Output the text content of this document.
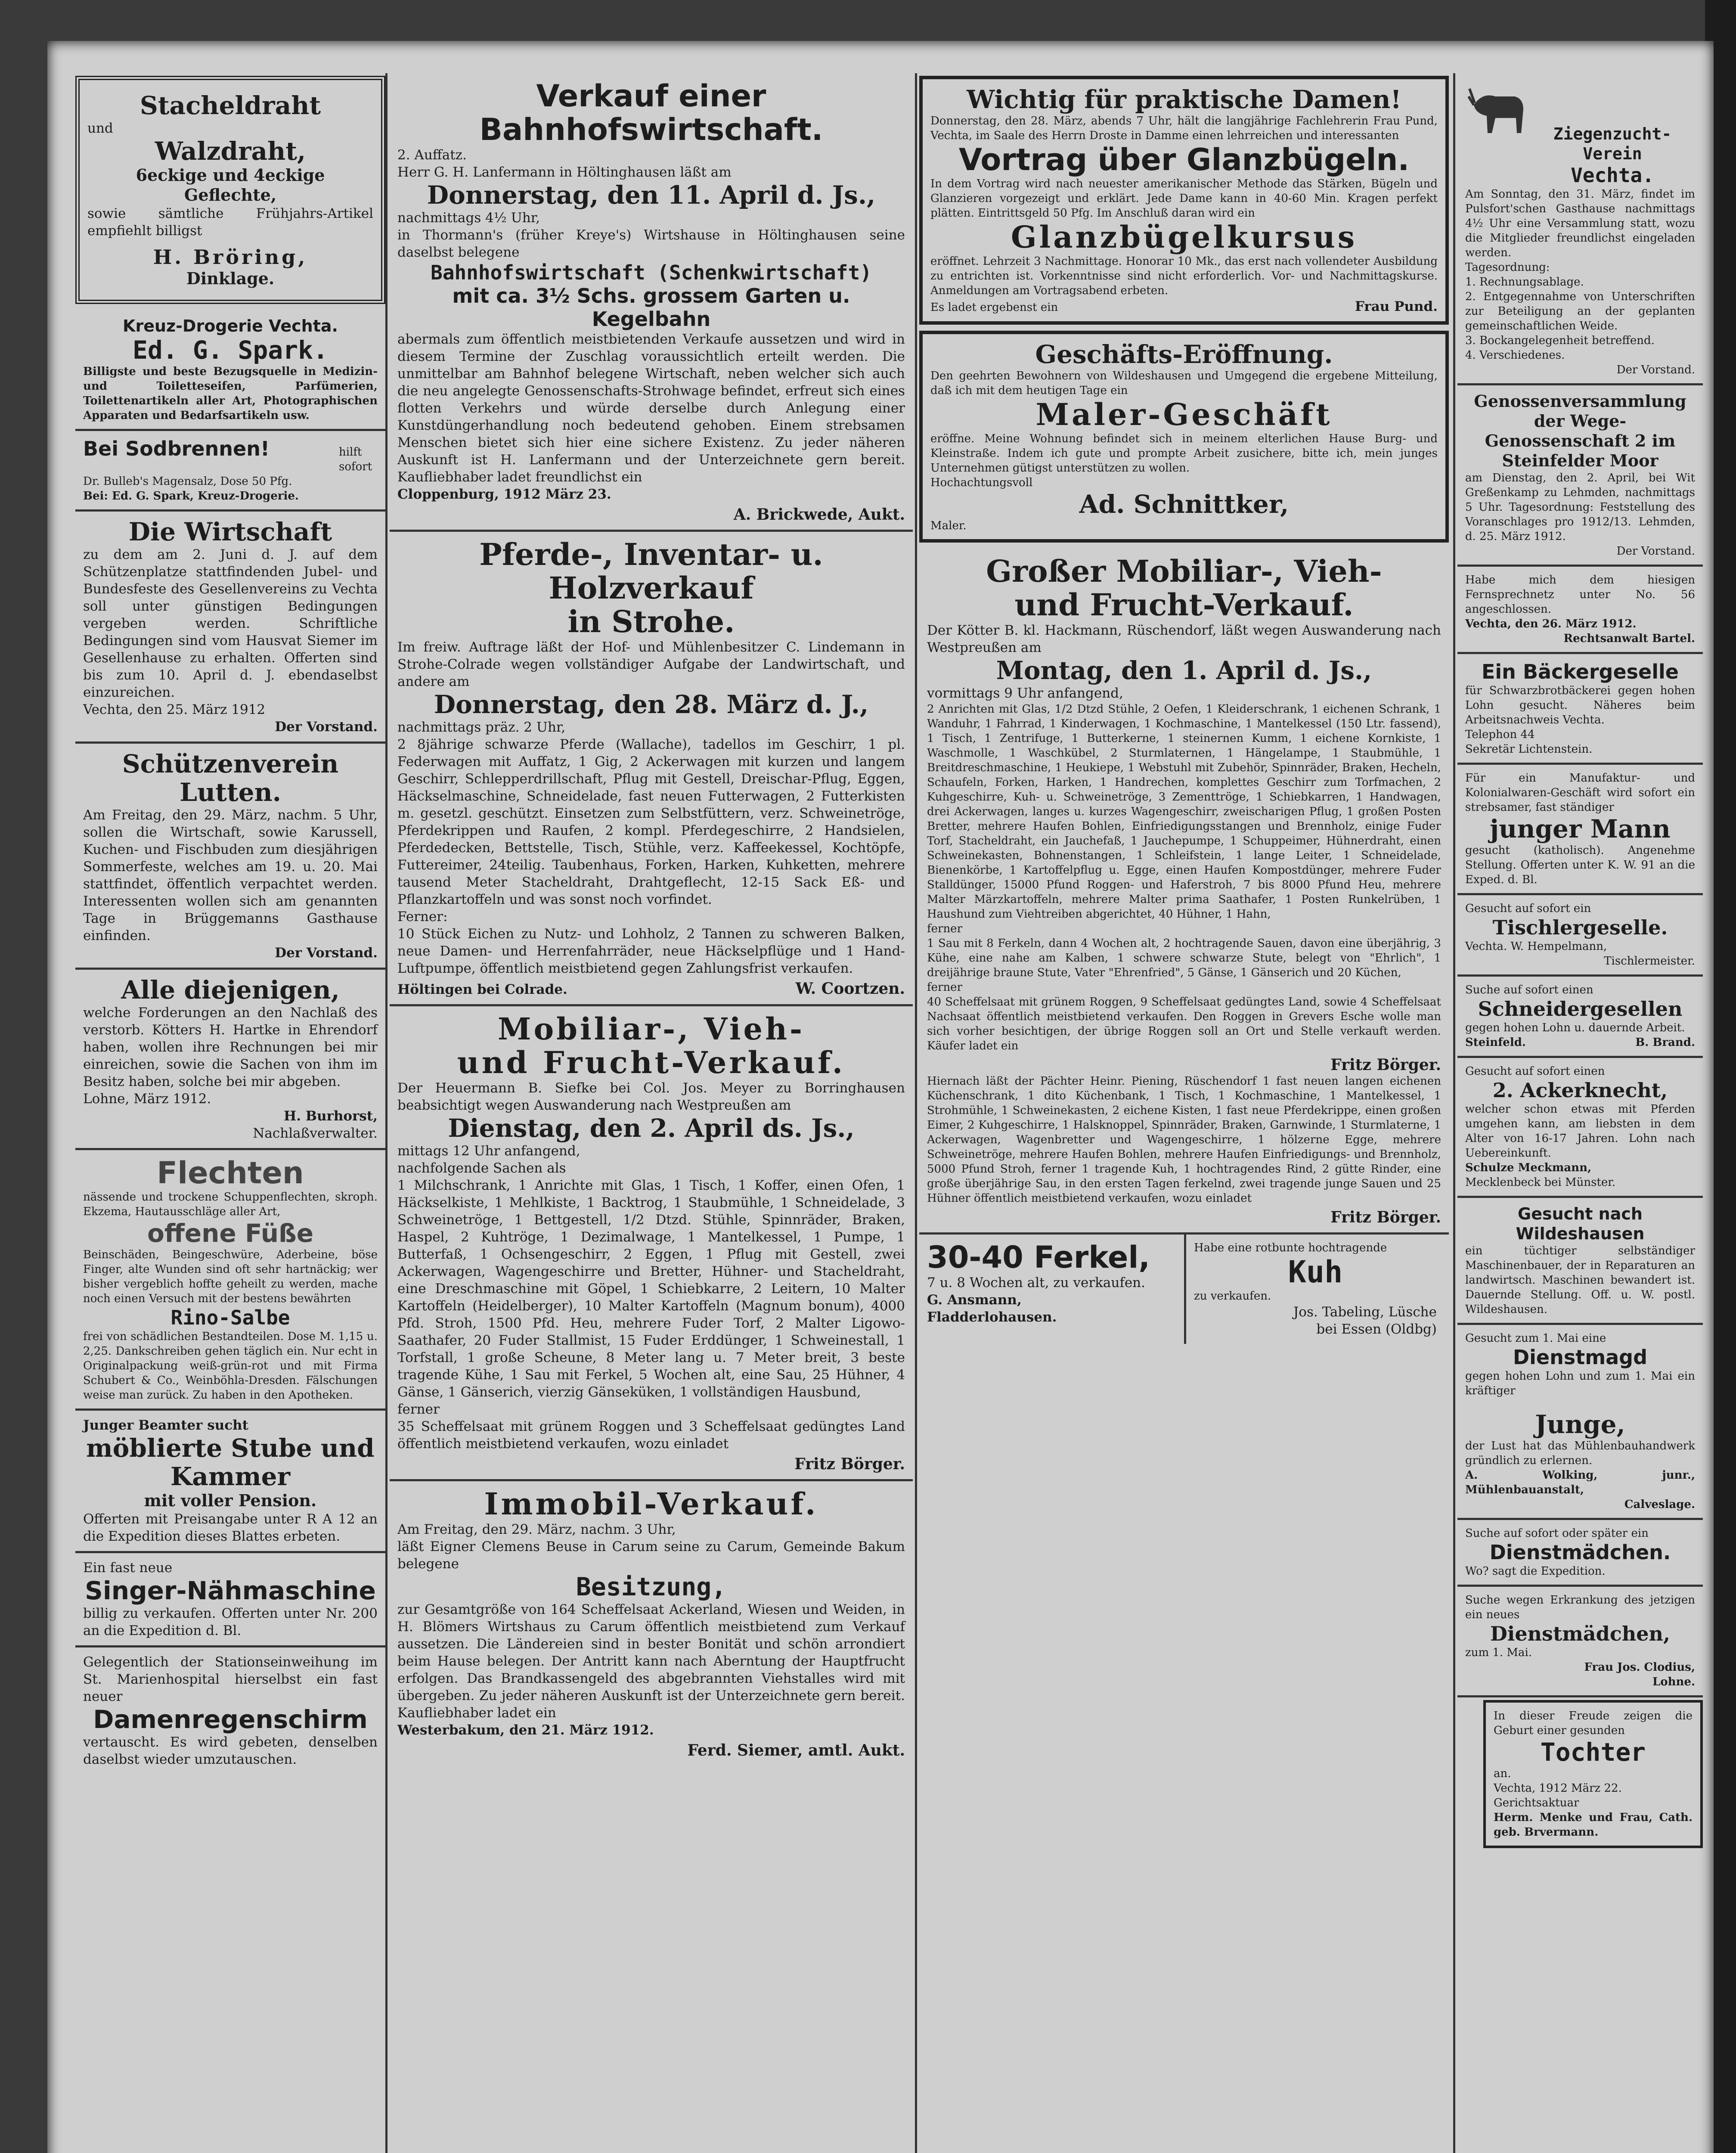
Stacheldraht
und
Walzdraht,
6eckige und 4eckige Geflechte,
sowie sämtliche Frühjahrs-Artikel empfiehlt billigst
H. Bröring,
Dinklage.
Kreuz-Drogerie Vechta.
Ed. G. Spark.
Billigste und beste Bezugsquelle in Medizin- und Toiletteseifen, Parfümerien, Toilettenartikeln aller Art, Photographischen Apparaten und Bedarfsartikeln usw.
Bei Sodbrennen!	hilft sofort
Dr. Bulleb's Magensalz, Dose 50 Pfg.
Bei: Ed. G. Spark, Kreuz-Drogerie.
Die Wirtschaft
zu dem am 2. Juni d. J. auf dem Schützenplatze stattfindenden Jubel- und Bundesfeste des Gesellenvereins zu Vechta soll unter günstigen Bedingungen vergeben werden. Schriftliche Bedingungen sind vom Hausvat Siemer im Gesellenhause zu erhalten. Offerten sind bis zum 10. April d. J. ebendaselbst einzureichen.
Vechta, den 25. März 1912
Der Vorstand.
Schützenverein
Lutten.
Am Freitag, den 29. März, nachm. 5 Uhr, sollen die Wirtschaft, sowie Karussell, Kuchen- und Fischbuden zum diesjährigen Sommerfeste, welches am 19. u. 20. Mai stattfindet, öffentlich verpachtet werden. Interessenten wollen sich am genannten Tage in Brüggemanns Gasthause einfinden.
Der Vorstand.
Alle diejenigen,
welche Forderungen an den Nachlaß des verstorb. Kötters H. Hartke in Ehrendorf haben, wollen ihre Rechnungen bei mir einreichen, sowie die Sachen von ihm im Besitz haben, solche bei mir abgeben.
Lohne, März 1912.
H. Burhorst,
Nachlaßverwalter.
Flechten
nässende und trockene Schuppenflechten, skroph. Ekzema, Hautausschläge aller Art,
offene Füße
Beinschäden, Beingeschwüre, Aderbeine, böse Finger, alte Wunden sind oft sehr hartnäckig; wer bisher vergeblich hoffte geheilt zu werden, mache noch einen Versuch mit der bestens bewährten
Rino-Salbe
frei von schädlichen Bestandteilen. Dose M. 1,15 u. 2,25. Dankschreiben gehen täglich ein. Nur echt in Originalpackung weiß-grün-rot und mit Firma Schubert & Co., Weinböhla-Dresden. Fälschungen weise man zurück. Zu haben in den Apotheken.
Junger Beamter sucht
möblierte Stube und Kammer
mit voller Pension.
Offerten mit Preisangabe unter R A 12 an die Expedition dieses Blattes erbeten.
Ein fast neue
Singer-Nähmaschine
billig zu verkaufen. Offerten unter Nr. 200 an die Expedition d. Bl.
Gelegentlich der Stationseinweihung im St. Marienhospital hierselbst ein fast neuer
Damenregenschirm
vertauscht. Es wird gebeten, denselben daselbst wieder umzutauschen.
Verkauf einer Bahnhofswirtschaft.
2. Auffatz.
Herr G. H. Lanfermann in Höltinghausen läßt am
Donnerstag, den 11. April d. Js.,
nachmittags 4½ Uhr,
in Thormann's (früher Kreye's) Wirtshause in Höltinghausen seine daselbst belegene
Bahnhofswirtschaft (Schenkwirtschaft)
mit ca. 3½ Schs. grossem Garten u. Kegelbahn
abermals zum öffentlich meistbietenden Verkaufe aussetzen und wird in diesem Termine der Zuschlag voraussichtlich erteilt werden. Die unmittelbar am Bahnhof belegene Wirtschaft, neben welcher sich auch die neu angelegte Genossenschafts-Strohwage befindet, erfreut sich eines flotten Verkehrs und würde derselbe durch Anlegung einer Kunstdüngerhandlung noch bedeutend gehoben. Einem strebsamen Menschen bietet sich hier eine sichere Existenz. Zu jeder näheren Auskunft ist H. Lanfermann und der Unterzeichnete gern bereit. Kaufliebhaber ladet freundlichst ein
Cloppenburg, 1912 März 23.
A. Brickwede, Aukt.
Pferde-, Inventar- u. Holzverkauf
in Strohe.
Im freiw. Auftrage läßt der Hof- und Mühlenbesitzer C. Lindemann in Strohe-Colrade wegen vollständiger Aufgabe der Landwirtschaft, und andere am
Donnerstag, den 28. März d. J.,
nachmittags präz. 2 Uhr,
2 8jährige schwarze Pferde (Wallache), tadellos im Geschirr, 1 pl. Federwagen mit Auffatz, 1 Gig, 2 Ackerwagen mit kurzen und langem Geschirr, Schlepperdrillschaft, Pflug mit Gestell, Dreischar-Pflug, Eggen, Häckselmaschine, Schneidelade, fast neuen Futterwagen, 2 Futterkisten m. gesetzl. geschützt. Einsetzen zum Selbstfüttern, verz. Schweinetröge, Pferdekrippen und Raufen, 2 kompl. Pferdegeschirre, 2 Handsielen, Pferdedecken, Bettstelle, Tisch, Stühle, verz. Kaffeekessel, Kochtöpfe, Futtereimer, 24teilig. Taubenhaus, Forken, Harken, Kuhketten, mehrere tausend Meter Stacheldraht, Drahtgeflecht, 12-15 Sack Eß- und Pflanzkartoffeln und was sonst noch vorfindet.
Ferner:
10 Stück Eichen zu Nutz- und Lohholz, 2 Tannen zu schweren Balken, neue Damen- und Herrenfahrräder, neue Häckselpflüge und 1 Hand-Luftpumpe, öffentlich meistbietend gegen Zahlungsfrist verkaufen.
Höltingen bei Colrade.	W. Coortzen.
Mobiliar-, Vieh-
und Frucht-Verkauf.
Der Heuermann B. Siefke bei Col. Jos. Meyer zu Borringhausen beabsichtigt wegen Auswanderung nach Westpreußen am
Dienstag, den 2. April ds. Js.,
mittags 12 Uhr anfangend,
nachfolgende Sachen als
1 Milchschrank, 1 Anrichte mit Glas, 1 Tisch, 1 Koffer, einen Ofen, 1 Häckselkiste, 1 Mehlkiste, 1 Backtrog, 1 Staubmühle, 1 Schneidelade, 3 Schweinetröge, 1 Bettgestell, 1/2 Dtzd. Stühle, Spinnräder, Braken, Haspel, 2 Kuhtröge, 1 Dezimalwage, 1 Mantelkessel, 1 Pumpe, 1 Butterfaß, 1 Ochsengeschirr, 2 Eggen, 1 Pflug mit Gestell, zwei Ackerwagen, Wagengeschirre und Bretter, Hühner- und Stacheldraht, eine Dreschmaschine mit Göpel, 1 Schiebkarre, 2 Leitern, 10 Malter Kartoffeln (Heidelberger), 10 Malter Kartoffeln (Magnum bonum), 4000 Pfd. Stroh, 1500 Pfd. Heu, mehrere Fuder Torf, 2 Malter Ligowo-Saathafer, 20 Fuder Stallmist, 15 Fuder Erddünger, 1 Schweinestall, 1 Torfstall, 1 große Scheune, 8 Meter lang u. 7 Meter breit, 3 beste tragende Kühe, 1 Sau mit Ferkel, 5 Wochen alt, eine Sau, 25 Hühner, 4 Gänse, 1 Gänserich, vierzig Gänseküken, 1 vollständigen Hausbund,
ferner
35 Scheffelsaat mit grünem Roggen und 3 Scheffelsaat gedüngtes Land öffentlich meistbietend verkaufen, wozu einladet
Fritz Börger.
Immobil-Verkauf.
Am Freitag, den 29. März, nachm. 3 Uhr,
läßt Eigner Clemens Beuse in Carum seine zu Carum, Gemeinde Bakum belegene
Besitzung,
zur Gesamtgröße von 164 Scheffelsaat Ackerland, Wiesen und Weiden, in H. Blömers Wirtshaus zu Carum öffentlich meistbietend zum Verkauf aussetzen. Die Ländereien sind in bester Bonität und schön arrondiert beim Hause belegen. Der Antritt kann nach Aberntung der Hauptfrucht erfolgen. Das Brandkassengeld des abgebrannten Viehstalles wird mit übergeben. Zu jeder näheren Auskunft ist der Unterzeichnete gern bereit. Kaufliebhaber ladet ein
Westerbakum, den 21. März 1912.
Ferd. Siemer, amtl. Aukt.
Wichtig für praktische Damen!
Donnerstag, den 28. März, abends 7 Uhr, hält die langjährige Fachlehrerin Frau Pund, Vechta, im Saale des Herrn Droste in Damme einen lehrreichen und interessanten
Vortrag über Glanzbügeln.
In dem Vortrag wird nach neuester amerikanischer Methode das Stärken, Bügeln und Glanzieren vorgezeigt und erklärt. Jede Dame kann in 40-60 Min. Kragen perfekt plätten. Eintrittsgeld 50 Pfg. Im Anschluß daran wird ein
Glanzbügelkursus
eröffnet. Lehrzeit 3 Nachmittage. Honorar 10 Mk., das erst nach vollendeter Ausbildung zu entrichten ist. Vorkenntnisse sind nicht erforderlich. Vor- und Nachmittagskurse. Anmeldungen am Vortragsabend erbeten.
Es ladet ergebenst ein	Frau Pund.
Geschäfts-Eröffnung.
Den geehrten Bewohnern von Wildeshausen und Umgegend die ergebene Mitteilung, daß ich mit dem heutigen Tage ein
Maler-Geschäft
eröffne. Meine Wohnung befindet sich in meinem elterlichen Hause Burg- und Kleinstraße. Indem ich gute und prompte Arbeit zusichere, bitte ich, mein junges Unternehmen gütigst unterstützen zu wollen.
Hochachtungsvoll
Ad. Schnittker,
Maler.
Großer Mobiliar-, Vieh-
und Frucht-Verkauf.
Der Kötter B. kl. Hackmann, Rüschendorf, läßt wegen Auswanderung nach Westpreußen am
Montag, den 1. April d. Js.,
vormittags 9 Uhr anfangend,
2 Anrichten mit Glas, 1/2 Dtzd Stühle, 2 Oefen, 1 Kleiderschrank, 1 eichenen Schrank, 1 Wanduhr, 1 Fahrrad, 1 Kinderwagen, 1 Kochmaschine, 1 Mantelkessel (150 Ltr. fassend), 1 Tisch, 1 Zentrifuge, 1 Butterkerne, 1 steinernen Kumm, 1 eichene Kornkiste, 1 Waschmolle, 1 Waschkübel, 2 Sturmlaternen, 1 Hängelampe, 1 Staubmühle, 1 Breitdreschmaschine, 1 Heukiepe, 1 Webstuhl mit Zubehör, Spinnräder, Braken, Hecheln, Schaufeln, Forken, Harken, 1 Handrechen, komplettes Geschirr zum Torfmachen, 2 Kuhgeschirre, Kuh- u. Schweinetröge, 3 Zementtröge, 1 Schiebkarren, 1 Handwagen, drei Ackerwagen, langes u. kurzes Wagengeschirr, zweischarigen Pflug, 1 großen Posten Bretter, mehrere Haufen Bohlen, Einfriedigungsstangen und Brennholz, einige Fuder Torf, Stacheldraht, ein Jauchefaß, 1 Jauchepumpe, 1 Schuppeimer, Hühnerdraht, einen Schweinekasten, Bohnenstangen, 1 Schleifstein, 1 lange Leiter, 1 Schneidelade, Bienenkörbe, 1 Kartoffelpflug u. Egge, einen Haufen Kompostdünger, mehrere Fuder Stalldünger, 15000 Pfund Roggen- und Haferstroh, 7 bis 8000 Pfund Heu, mehrere Malter Märzkartoffeln, mehrere Malter prima Saathafer, 1 Posten Runkelrüben, 1 Haushund zum Viehtreiben abgerichtet, 40 Hühner, 1 Hahn,
ferner
1 Sau mit 8 Ferkeln, dann 4 Wochen alt, 2 hochtragende Sauen, davon eine überjährig, 3 Kühe, eine nahe am Kalben, 1 schwere schwarze Stute, belegt von "Ehrlich", 1 dreijährige braune Stute, Vater "Ehrenfried", 5 Gänse, 1 Gänserich und 20 Küchen,
ferner
40 Scheffelsaat mit grünem Roggen, 9 Scheffelsaat gedüngtes Land, sowie 4 Scheffelsaat Nachsaat öffentlich meistbietend verkaufen. Den Roggen in Grevers Esche wolle man sich vorher besichtigen, der übrige Roggen soll an Ort und Stelle verkauft werden. Käufer ladet ein
Fritz Börger.
Hiernach läßt der Pächter Heinr. Piening, Rüschendorf 1 fast neuen langen eichenen Küchenschrank, 1 dito Küchenbank, 1 Tisch, 1 Kochmaschine, 1 Mantelkessel, 1 Strohmühle, 1 Schweinekasten, 2 eichene Kisten, 1 fast neue Pferdekrippe, einen großen Eimer, 2 Kuhgeschirre, 1 Halsknoppel, Spinnräder, Braken, Garnwinde, 1 Sturmlaterne, 1 Ackerwagen, Wagenbretter und Wagengeschirre, 1 hölzerne Egge, mehrere Schweinetröge, mehrere Haufen Bohlen, mehrere Haufen Einfriedigungs- und Brennholz, 5000 Pfund Stroh, ferner 1 tragende Kuh, 1 hochtragendes Rind, 2 gütte Rinder, eine große überjährige Sau, in den ersten Tagen ferkelnd, zwei tragende junge Sauen und 25 Hühner öffentlich meistbietend verkaufen, wozu einladet
Fritz Börger.
30-40 Ferkel,
7 u. 8 Wochen alt, zu verkaufen.
G. Ansmann,
Fladderlohausen.
Habe eine rotbunte hochtragende
Kuh
zu verkaufen.
Jos. Tabeling, Lüsche
bei Essen (Oldbg)
Ziegenzucht-
Verein
Vechta.
Am Sonntag, den 31. März, findet im Pulsfort'schen Gasthause nachmittags 4½ Uhr eine Versammlung statt, wozu die Mitglieder freundlichst eingeladen werden.
Tagesordnung:
1. Rechnungsablage.
2. Entgegennahme von Unterschriften zur Beteiligung an der geplanten gemeinschaftlichen Weide.
3. Bockangelegenheit betreffend.
4. Verschiedenes.
Der Vorstand.
Genossenversammlung der Wege-Genossenschaft 2 im Steinfelder Moor
am Dienstag, den 2. April, bei Wit Greßenkamp zu Lehmden, nachmittags 5 Uhr. Tagesordnung: Feststellung des Voranschlages pro 1912/13. Lehmden, d. 25. März 1912.
Der Vorstand.
Habe mich dem hiesigen Fernsprechnetz unter No. 56 angeschlossen.
Vechta, den 26. März 1912.
Rechtsanwalt Bartel.
Ein Bäckergeselle
für Schwarzbrotbäckerei gegen hohen Lohn gesucht. Näheres beim Arbeitsnachweis Vechta.
Telephon 44
Sekretär Lichtenstein.
Für ein Manufaktur- und Kolonialwaren-Geschäft wird sofort ein strebsamer, fast ständiger
junger Mann
gesucht (katholisch). Angenehme Stellung. Offerten unter K. W. 91 an die Exped. d. Bl.
Gesucht auf sofort ein
Tischlergeselle.
Vechta. W. Hempelmann,
Tischlermeister.
Suche auf sofort einen
Schneidergesellen
gegen hohen Lohn u. dauernde Arbeit.
Steinfeld.	B. Brand.
Gesucht auf sofort einen
2. Ackerknecht,
welcher schon etwas mit Pferden umgehen kann, am liebsten in dem Alter von 16-17 Jahren. Lohn nach Uebereinkunft.
Schulze Meckmann,
Mecklenbeck bei Münster.
Gesucht nach Wildeshausen
ein tüchtiger selbständiger Maschinenbauer, der in Reparaturen an landwirtsch. Maschinen bewandert ist. Dauernde Stellung. Off. u. W. postl. Wildeshausen.
Gesucht zum 1. Mai eine
Dienstmagd
gegen hohen Lohn und zum 1. Mai ein kräftiger
Junge,
der Lust hat das Mühlenbauhandwerk gründlich zu erlernen.
A. Wolking, junr., Mühlenbauanstalt,
Calveslage.
Suche auf sofort oder später ein
Dienstmädchen.
Wo? sagt die Expedition.
Suche wegen Erkrankung des jetzigen ein neues
Dienstmädchen,
zum 1. Mai.
Frau Jos. Clodius,
Lohne.
In dieser Freude zeigen die Geburt einer gesunden
Tochter
an.
Vechta, 1912 März 22.
Gerichtsaktuar
Herm. Menke und Frau, Cath. geb. Brvermann.
